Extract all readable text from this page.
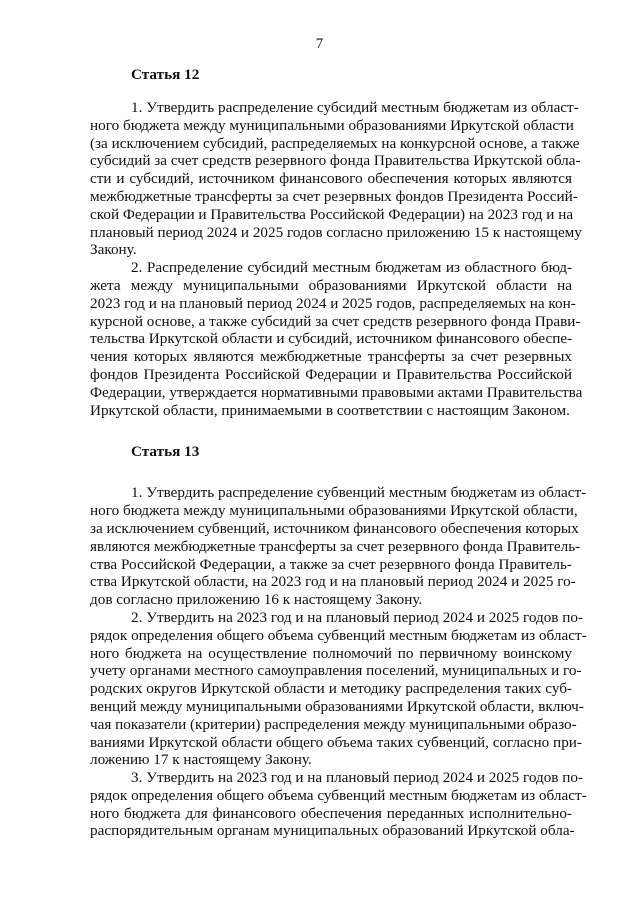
7
Статья 12

1. Утвердить распределение субсидий местным бюджетам из област-
ного бюджета между муниципальными образованиями Иркутской области
(за исключением субсидий, распределяемых на конкурсной основе, а также
субсидий за счет средств резервного фонда Правительства Иркутской обла-
сти и субсидий, источником финансового обеспечения которых являются
межбюджетные трансферты за счет резервных фондов Президента Россий-
ской Федерации и Правительства Российской Федерации) на 2023 год и на
плановый период 2024 и 2025 годов согласно приложению 15 к настоящему
Закону.

2. Распределение субсидий местным бюджетам из областного бюд-
жета между муниципальными образованиями Иркутской области на
2023 год и на плановый период 2024 и 2025 годов, распределяемых на кон-
курсной основе, а также субсидий за счет средств резервного фонда Прави-
тельства Иркутской области и субсидий, источником финансового обеспе-
чения которых являются межбюджетные трансферты за счет резервных
фондов Президента Российской Федерации и Правительства Российской
Федерации, утверждается нормативными правовыми актами Правительства
Иркутской области, принимаемыми в соответствии с настоящим Законом.

Статья 13

1. Утвердить распределение субвенций местным бюджетам из област-
ного бюджета между муниципальными образованиями Иркутской области,
за исключением субвенций, источником финансового обеспечения которых
являются межбюджетные трансферты за счет резервного фонда Правитель-
ства Российской Федерации, а также за счет резервного фонда Правитель-
ства Иркутской области, на 2023 год и на плановый период 2024 и 2025 го-
дов согласно приложению 16 к настоящему Закону.

2. Утвердить на 2023 год и на плановый период 2024 и 2025 годов по-
рядок определения общего объема субвенций местным бюджетам из област-
ного бюджета на осуществление полномочий по первичному воинскому
учету органами местного самоуправления поселений, муниципальных и го-
родских округов Иркутской области и методику распределения таких суб-
венций между муниципальными образованиями Иркутской области, включ-
чая показатели (критерии) распределения между муниципальными образо-
ваниями Иркутской области общего объема таких субвенций, согласно при-
ложению 17 к настоящему Закону.

3. Утвердить на 2023 год и на плановый период 2024 и 2025 годов по-
рядок определения общего объема субвенций местным бюджетам из област-
ного бюджета для финансового обеспечения переданных исполнительно-
распорядительным органам муниципальных образований Иркутской обла-
